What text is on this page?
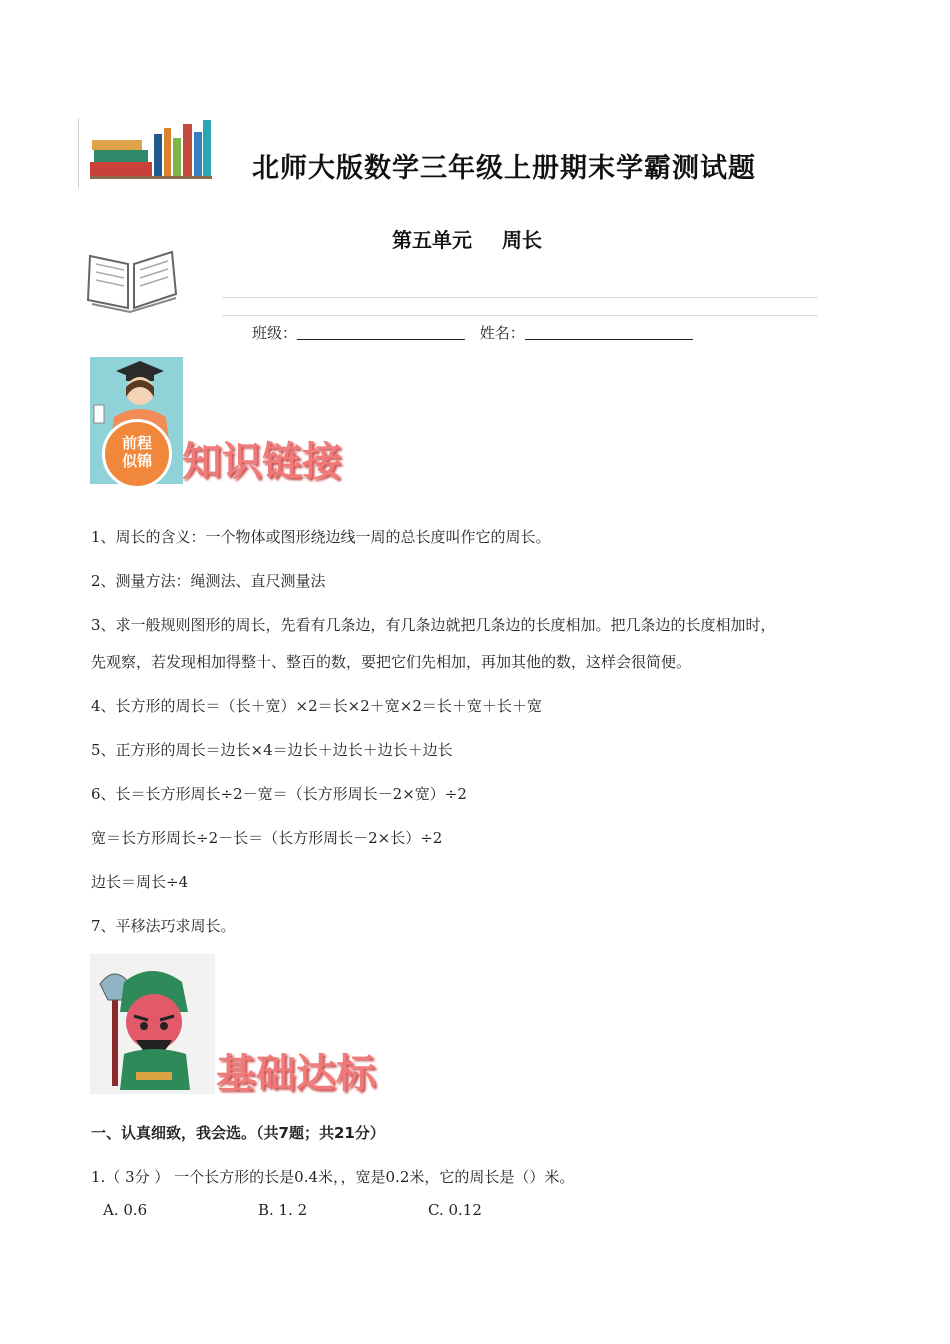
北师大版数学三年级上册期末学霸测试题
第五单元 周长
班级：	姓名：
前程
似锦 知识链接
1、周长的含义：一个物体或图形绕边线一周的总长度叫作它的周长。
2、测量方法：绳测法、直尺测量法
3、求一般规则图形的周长，先看有几条边，有几条边就把几条边的长度相加。把几条边的长度相加时，
先观察，若发现相加得整十、整百的数，要把它们先相加，再加其他的数，这样会很简便。
4、长方形的周长＝（长＋宽）×2＝长×2＋宽×2＝长＋宽＋长＋宽
5、正方形的周长＝边长×4＝边长＋边长＋边长＋边长
6、长＝长方形周长÷2－宽＝（长方形周长－2×宽）÷2
宽＝长方形周长÷2－长＝（长方形周长－2×长）÷2
边长＝周长÷4
7、平移法巧求周长。
基础达标
一、认真细致，我会选。（共7题；共21分）
1.（ 3分 ） 一个长方形的长是0.4米，，宽是0.2米，它的周长是（）米。
A. 0.6	B. 1. 2	C. 0.12
